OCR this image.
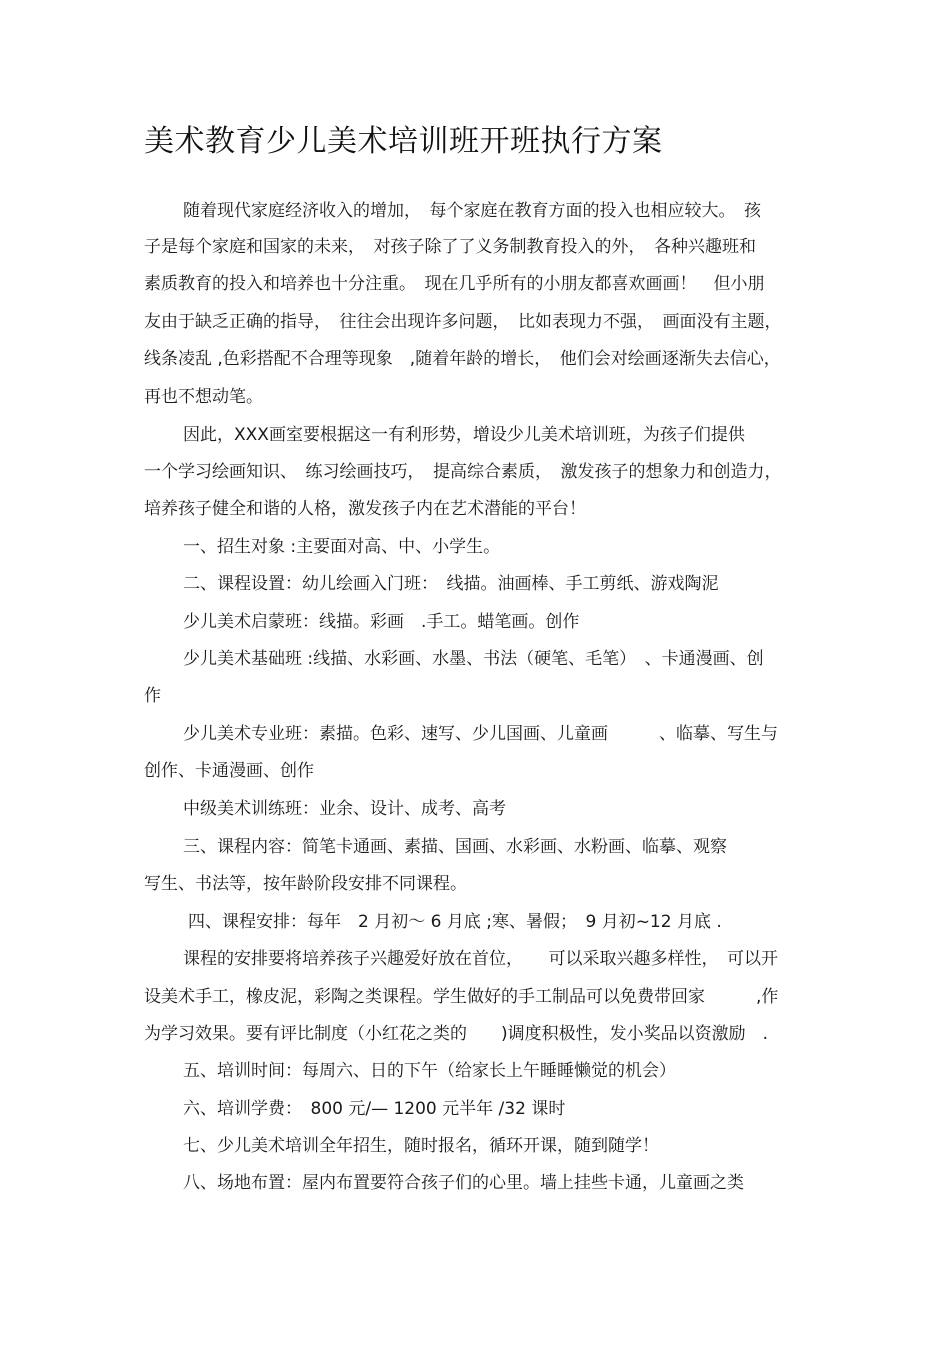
美术教育少儿美术培训班开班执行方案
随着现代家庭经济收入的增加，　每个家庭在教育方面的投入也相应较大。　孩
子是每个家庭和国家的未来，　对孩子除了了义务制教育投入的外，　各种兴趣班和
素质教育的投入和培养也十分注重。　现在几乎所有的小朋友都喜欢画画！　但小朋
友由于缺乏正确的指导，　往往会出现许多问题，　比如表现力不强，　画面没有主题，
线条凌乱 ,色彩搭配不合理等现象　,随着年龄的增长，　他们会对绘画逐渐失去信心，
再也不想动笔。
因此，XXX画室要根据这一有利形势，增设少儿美术培训班，为孩子们提供
一个学习绘画知识、　练习绘画技巧，　提高综合素质，　激发孩子的想象力和创造力，
培养孩子健全和谐的人格，激发孩子内在艺术潜能的平台！
一、招生对象 :主要面对高、中、小学生。
二、课程设置：幼儿绘画入门班：　线描。油画棒、手工剪纸、游戏陶泥
少儿美术启蒙班：线描。彩画　.手工。蜡笔画。创作
少儿美术基础班 :线描、水彩画、水墨、书法（硬笔、毛笔）　、卡通漫画、创
作
少儿美术专业班：素描。色彩、速写、少儿国画、儿童画　　　、临摹、写生与
创作、卡通漫画、创作
中级美术训练班：业余、设计、成考、高考
三、课程内容：简笔卡通画、素描、国画、水彩画、水粉画、临摹、观察
写生、书法等，按年龄阶段安排不同课程。
四、课程安排：每年　2 月初～ 6 月底 ;寒、暑假；　9 月初~12 月底 .
课程的安排要将培养孩子兴趣爱好放在首位，　　可以采取兴趣多样性，　可以开
设美术手工，橡皮泥，彩陶之类课程。学生做好的手工制品可以免费带回家　　　,作
为学习效果。要有评比制度（小红花之类的　　)调度积极性，发小奖品以资激励　.
五、培训时间：每周六、日的下午（给家长上午睡睡懒觉的机会）
六、培训学费：　800 元/— 1200 元半年 /32 课时
七、少儿美术培训全年招生，随时报名，循环开课，随到随学！
八、场地布置：屋内布置要符合孩子们的心里。墙上挂些卡通，儿童画之类
